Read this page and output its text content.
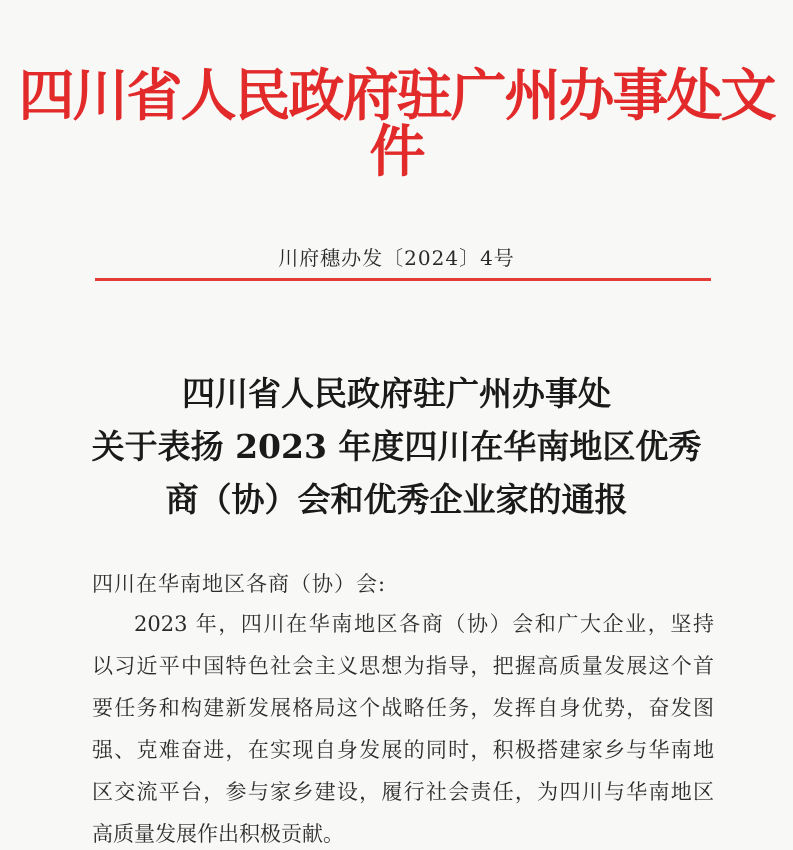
四川省人民政府驻广州办事处文件
川府穗办发〔2024〕4号
四川省人民政府驻广州办事处
关于表扬 2023 年度四川在华南地区优秀
商（协）会和优秀企业家的通报
四川在华南地区各商（协）会:
2023 年，四川在华南地区各商（协）会和广大企业，坚持
以习近平中国特色社会主义思想为指导，把握高质量发展这个首
要任务和构建新发展格局这个战略任务，发挥自身优势，奋发图
强、克难奋进，在实现自身发展的同时，积极搭建家乡与华南地
区交流平台，参与家乡建设，履行社会责任，为四川与华南地区
高质量发展作出积极贡献。
